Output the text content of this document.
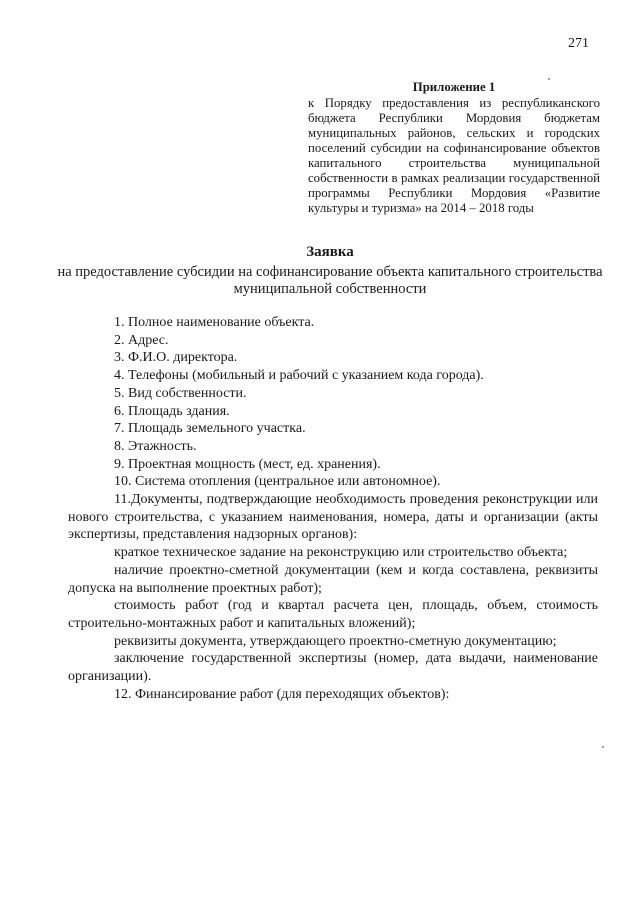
271
Приложение 1

к Порядку предоставления из республиканского бюджета Республики Мордовия бюджетам муниципальных районов, сельских и городских поселений субсидии на софинансирование объектов капитального строительства муниципальной собственности в рамках реализации государственной программы Республики Мордовия «Развитие культуры и туризма» на 2014 – 2018 годы

Заявка

на предоставление субсидии на софинансирование объекта капитального строительства муниципальной собственности

1. Полное наименование объекта.

2. Адрес.

3. Ф.И.О. директора.

4. Телефоны (мобильный и рабочий с указанием кода города).

5. Вид собственности.

6. Площадь здания.

7. Площадь земельного участка.

8. Этажность.

9. Проектная мощность (мест, ед. хранения).

10. Система отопления (центральное или автономное).

11.Документы, подтверждающие необходимость проведения реконструкции или нового строительства, с указанием наименования, номера, даты и организации (акты экспертизы, представления надзорных органов):

краткое техническое задание на реконструкцию или строительство объекта;

наличие проектно-сметной документации (кем и когда составлена, реквизиты допуска на выполнение проектных работ);

стоимость работ (год и квартал расчета цен, площадь, объем, стоимость строительно-монтажных работ и капитальных вложений);

реквизиты документа, утверждающего проектно-сметную документацию;

заключение государственной экспертизы (номер, дата выдачи, наименование организации).

12. Финансирование работ (для переходящих объектов):
